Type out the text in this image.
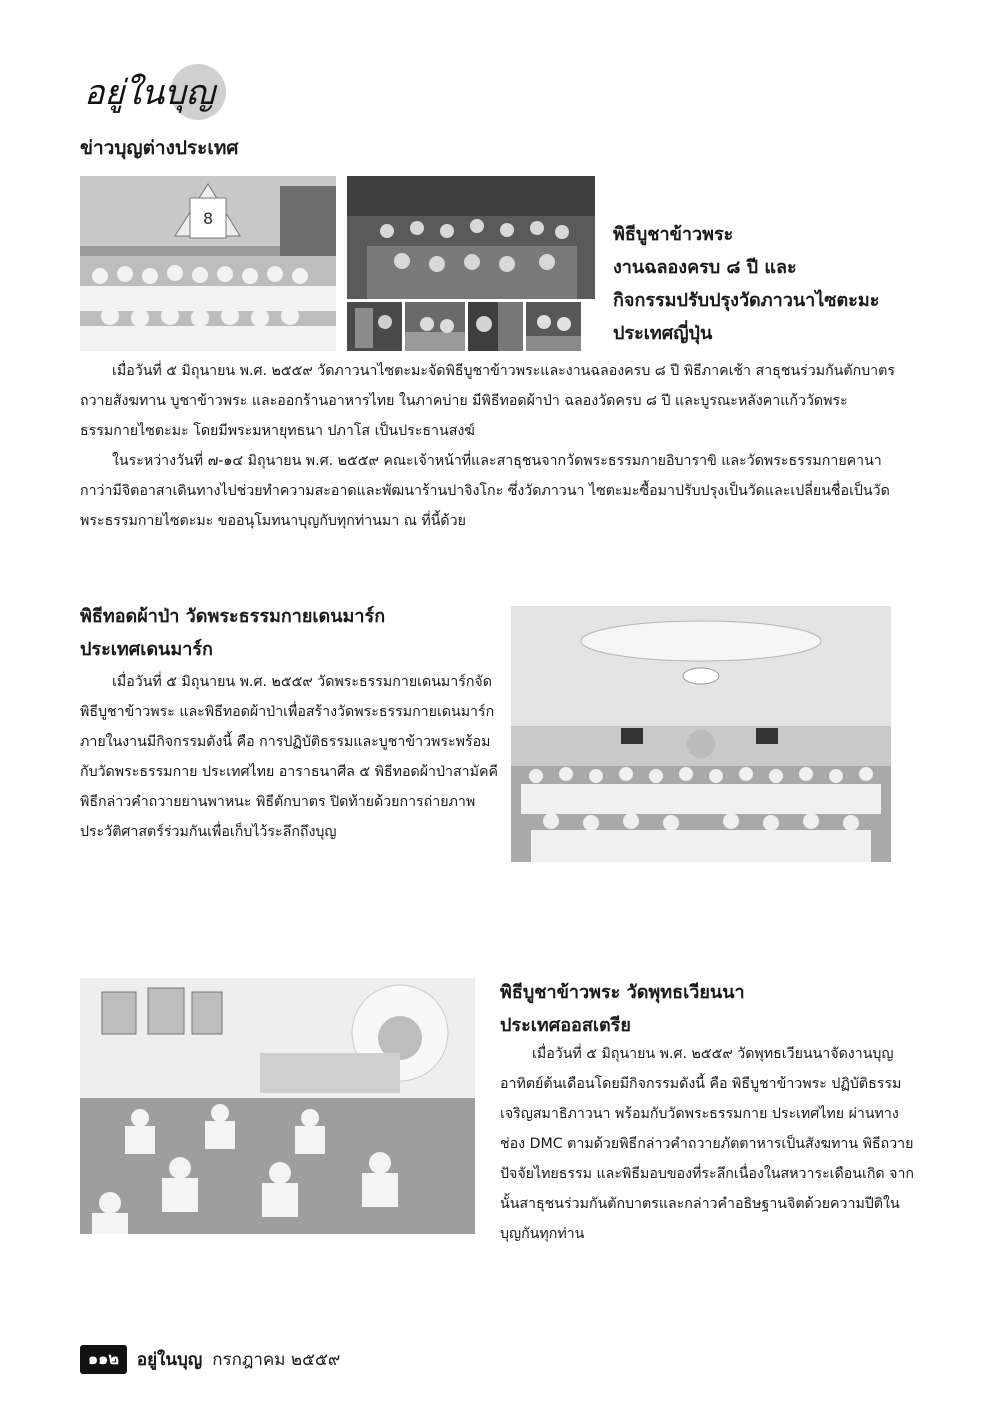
อยู่ในบุญ
ข่าวบุญต่างประเทศ
8
พิธีบูชาข้าวพระ
งานฉลองครบ ๘ ปี และ
กิจกรรมปรับปรุงวัดภาวนาไซตะมะ
ประเทศญี่ปุ่น

เมื่อวันที่ ๕ มิถุนายน พ.ศ. ๒๕๕๙ วัดภาวนาไซตะมะจัดพิธีบูชาข้าวพระและงานฉลองครบ ๘ ปี พิธีภาคเช้า สาธุชนร่วมกันตักบาตร ถวายสังฆทาน บูชาข้าวพระ และออกร้านอาหารไทย ในภาคบ่าย มีพิธีทอดผ้าป่า ฉลองวัดครบ ๘ ปี และบูรณะหลังคาแก้ววัดพระธรรมกายไซตะมะ โดยมีพระมหายุทธนา ปภาโส เป็นประธานสงฆ์

ในระหว่างวันที่ ๗-๑๔ มิถุนายน พ.ศ. ๒๕๕๙ คณะเจ้าหน้าที่และสาธุชนจากวัดพระธรรมกายอิบาราขิ และวัดพระธรรมกายคานากาว่ามีจิตอาสาเดินทางไปช่วยทำความสะอาดและพัฒนาร้านปาจิงโกะ ซึ่งวัดภาวนา ไซตะมะซื้อมาปรับปรุงเป็นวัดและเปลี่ยนชื่อเป็นวัดพระธรรมกายไซตะมะ ขออนุโมทนาบุญกับทุกท่านมา ณ ที่นี้ด้วย

พิธีทอดผ้าป่า วัดพระธรรมกายเดนมาร์ก
ประเทศเดนมาร์ก

เมื่อวันที่ ๕ มิถุนายน พ.ศ. ๒๕๕๙ วัดพระธรรมกายเดนมาร์กจัดพิธีบูชาข้าวพระ และพิธีทอดผ้าป่าเพื่อสร้างวัดพระธรรมกายเดนมาร์ก ภายในงานมีกิจกรรมดังนี้ คือ การปฏิบัติธรรมและบูชาข้าวพระพร้อมกับวัดพระธรรมกาย ประเทศไทย อาราธนาศีล ๕ พิธีทอดผ้าป่าสามัคคี พิธีกล่าวคำถวายยานพาหนะ พิธีตักบาตร ปิดท้ายด้วยการถ่ายภาพประวัติศาสตร์ร่วมกันเพื่อเก็บไว้ระลึกถึงบุญ

พิธีบูชาข้าวพระ วัดพุทธเวียนนา
ประเทศออสเตรีย

เมื่อวันที่ ๕ มิถุนายน พ.ศ. ๒๕๕๙ วัดพุทธเวียนนาจัดงานบุญอาทิตย์ต้นเดือนโดยมีกิจกรรมดังนี้ คือ พิธีบูชาข้าวพระ ปฏิบัติธรรมเจริญสมาธิภาวนา พร้อมกับวัดพระธรรมกาย ประเทศไทย ผ่านทางช่อง DMC ตามด้วยพิธีกล่าวคำถวายภัตตาหารเป็นสังฆทาน พิธีถวายปัจจัยไทยธรรม และพิธีมอบของที่ระลึกเนื่องในสหวาระเดือนเกิด จากนั้นสาธุชนร่วมกันตักบาตรและกล่าวคำอธิษฐานจิตด้วยความปีติในบุญกันทุกท่าน

๑๑๒	อยู่ในบุญ กรกฎาคม ๒๕๕๙
